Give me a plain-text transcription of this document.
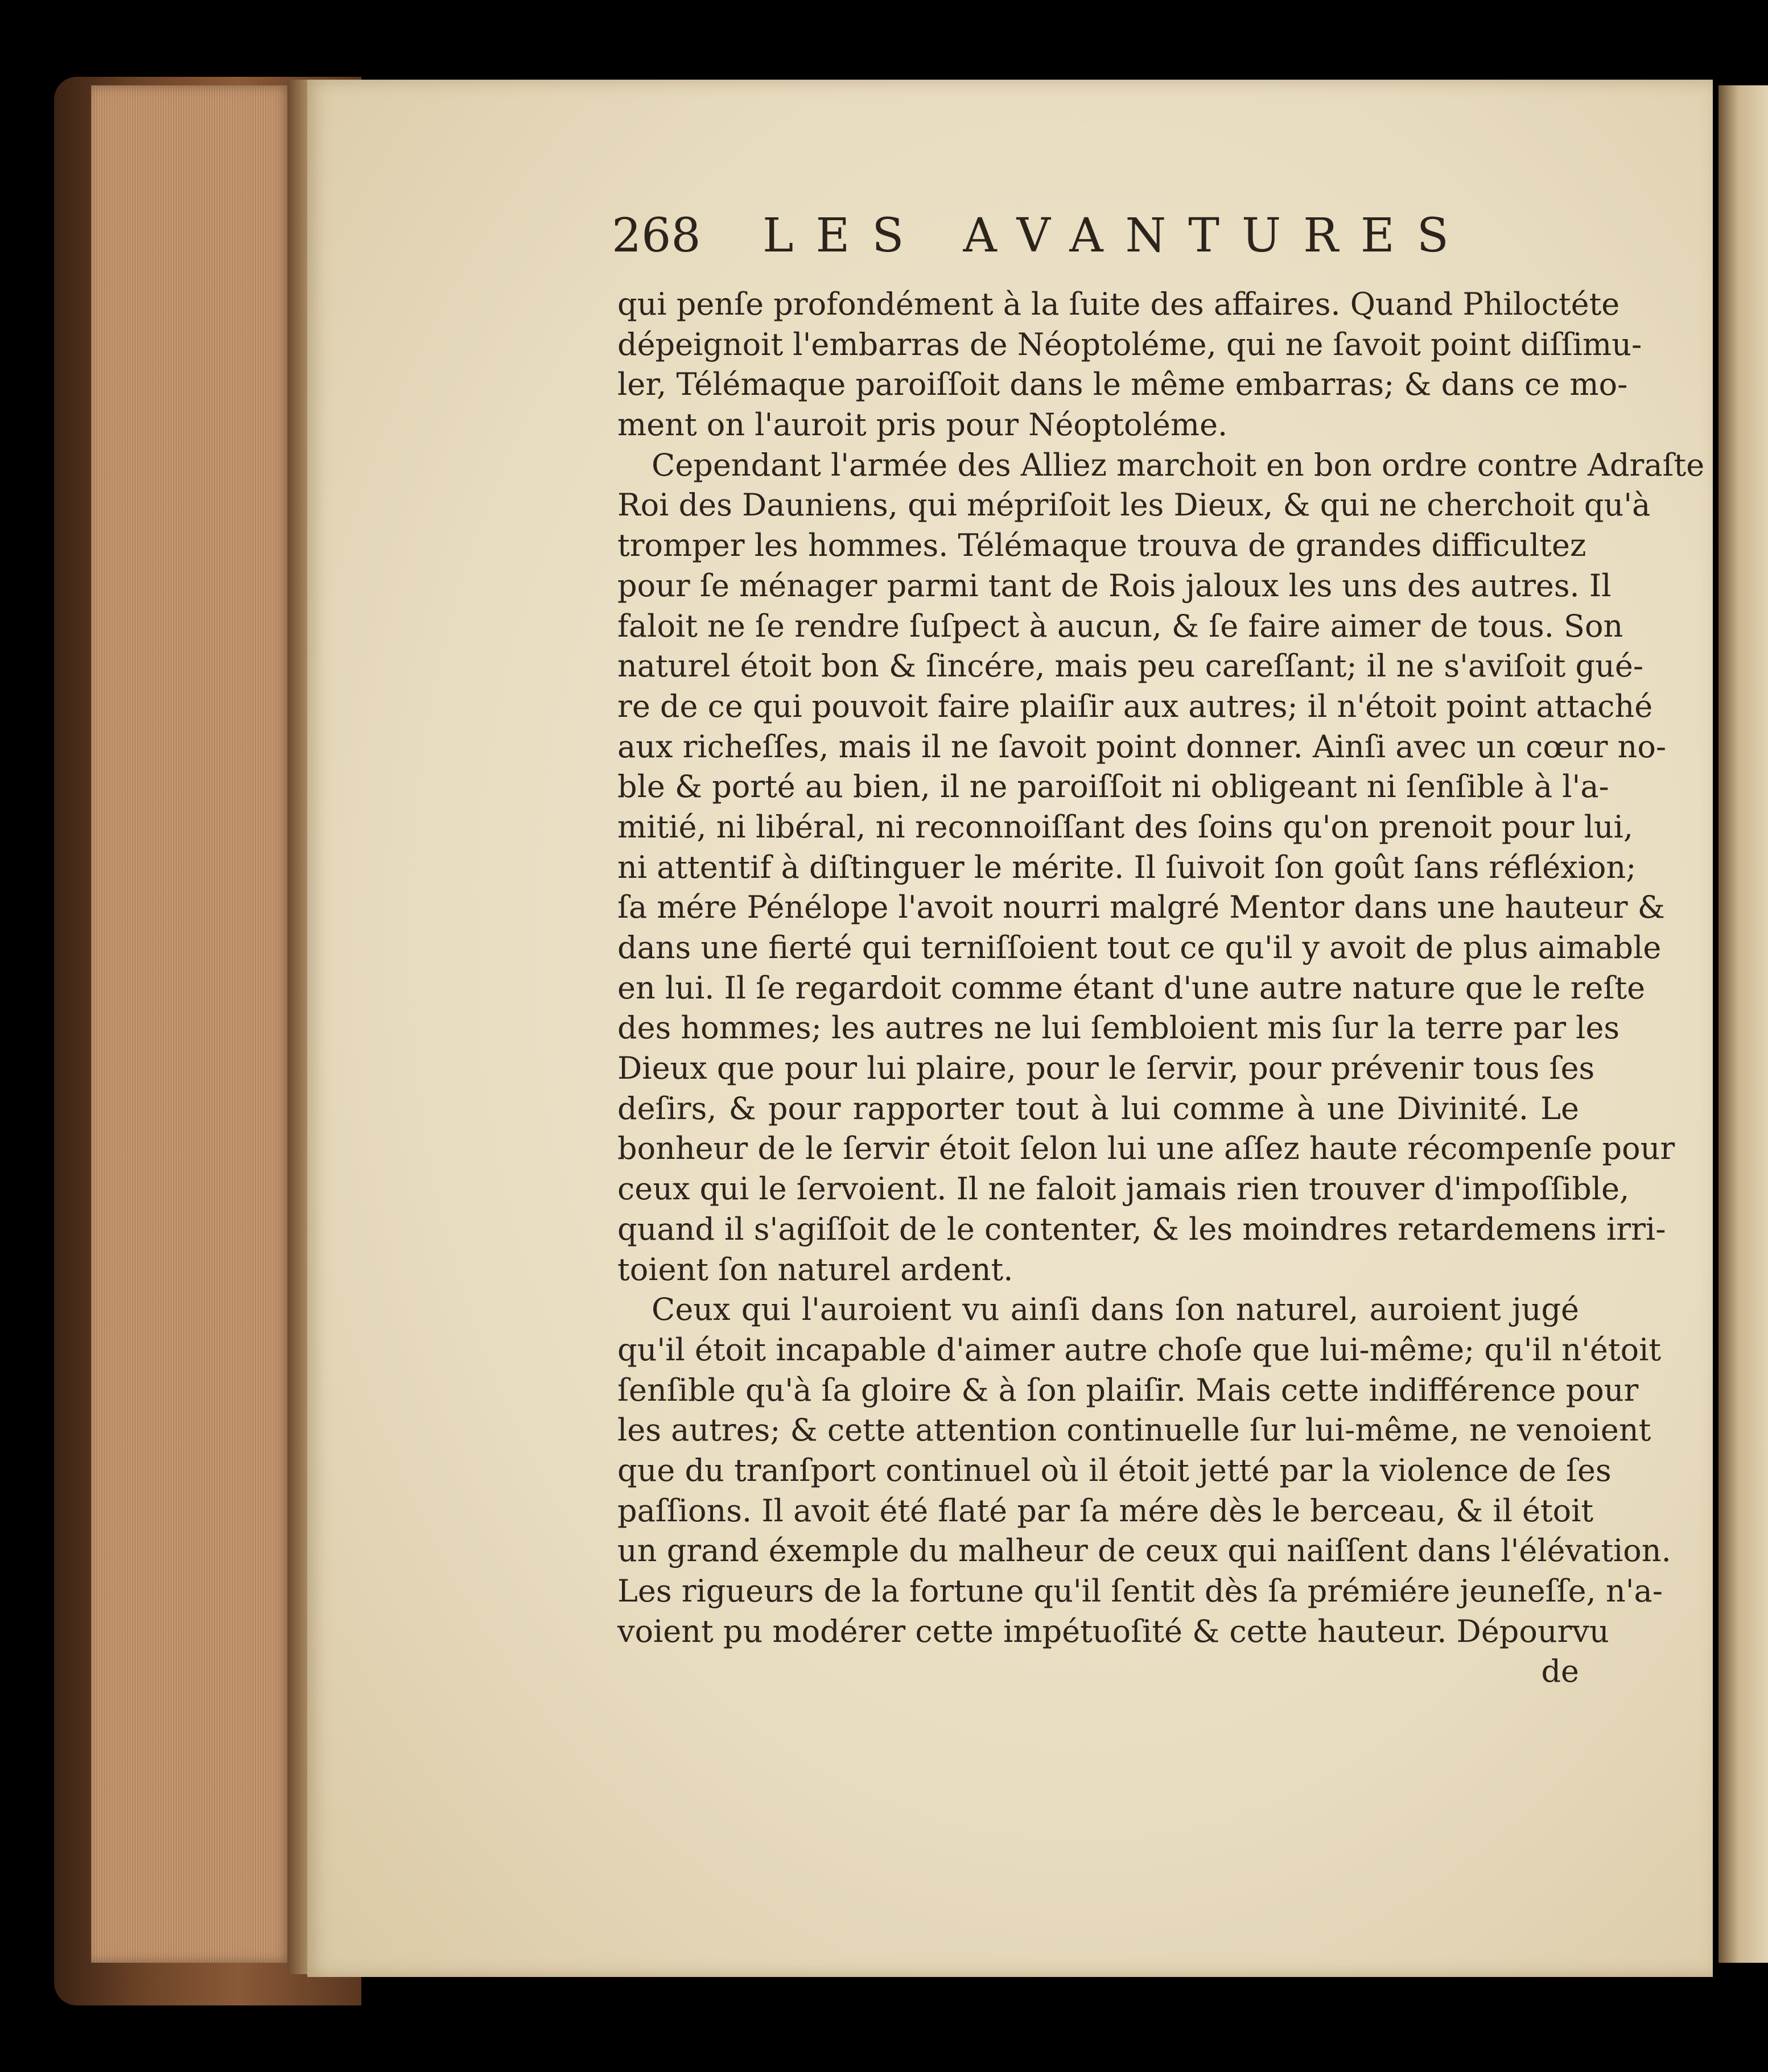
268 LES AVANTURES
qui penſe profondément à la ſuite des affaires. Quand Philoctéte
dépeignoit l'embarras de Néoptoléme, qui ne ſavoit point diſſimu-
ler, Télémaque paroiſſoit dans le même embarras; & dans ce mo-
ment on l'auroit pris pour Néoptoléme.
Cependant l'armée des Alliez marchoit en bon ordre contre Adraſte
Roi des Dauniens, qui mépriſoit les Dieux, & qui ne cherchoit qu'à
tromper les hommes. Télémaque trouva de grandes difficultez
pour ſe ménager parmi tant de Rois jaloux les uns des autres. Il
faloit ne ſe rendre ſuſpect à aucun, & ſe faire aimer de tous. Son
naturel étoit bon & ſincére, mais peu careſſant; il ne s'aviſoit gué-
re de ce qui pouvoit faire plaiſir aux autres; il n'étoit point attaché
aux richeſſes, mais il ne ſavoit point donner. Ainſi avec un cœur no-
ble & porté au bien, il ne paroiſſoit ni obligeant ni ſenſible à l'a-
mitié, ni libéral, ni reconnoiſſant des ſoins qu'on prenoit pour lui,
ni attentif à diſtinguer le mérite. Il ſuivoit ſon goût ſans réfléxion;
ſa mére Pénélope l'avoit nourri malgré Mentor dans une hauteur &
dans une fierté qui terniſſoient tout ce qu'il y avoit de plus aimable
en lui. Il ſe regardoit comme étant d'une autre nature que le reſte
des hommes; les autres ne lui ſembloient mis ſur la terre par les
Dieux que pour lui plaire, pour le ſervir, pour prévenir tous ſes
deſirs, & pour rapporter tout à lui comme à une Divinité. Le
bonheur de le ſervir étoit ſelon lui une aſſez haute récompenſe pour
ceux qui le ſervoient. Il ne faloit jamais rien trouver d'impoſſible,
quand il s'agiſſoit de le contenter, & les moindres retardemens irri-
toient ſon naturel ardent.
Ceux qui l'auroient vu ainſi dans ſon naturel, auroient jugé
qu'il étoit incapable d'aimer autre choſe que lui-même; qu'il n'étoit
ſenſible qu'à ſa gloire & à ſon plaiſir. Mais cette indifférence pour
les autres; & cette attention continuelle ſur lui-même, ne venoient
que du tranſport continuel où il étoit jetté par la violence de ſes
paſſions. Il avoit été flaté par ſa mére dès le berceau, & il étoit
un grand éxemple du malheur de ceux qui naiſſent dans l'élévation.
Les rigueurs de la fortune qu'il ſentit dès ſa prémiére jeuneſſe, n'a-
voient pu modérer cette impétuoſité & cette hauteur. Dépourvu
de
